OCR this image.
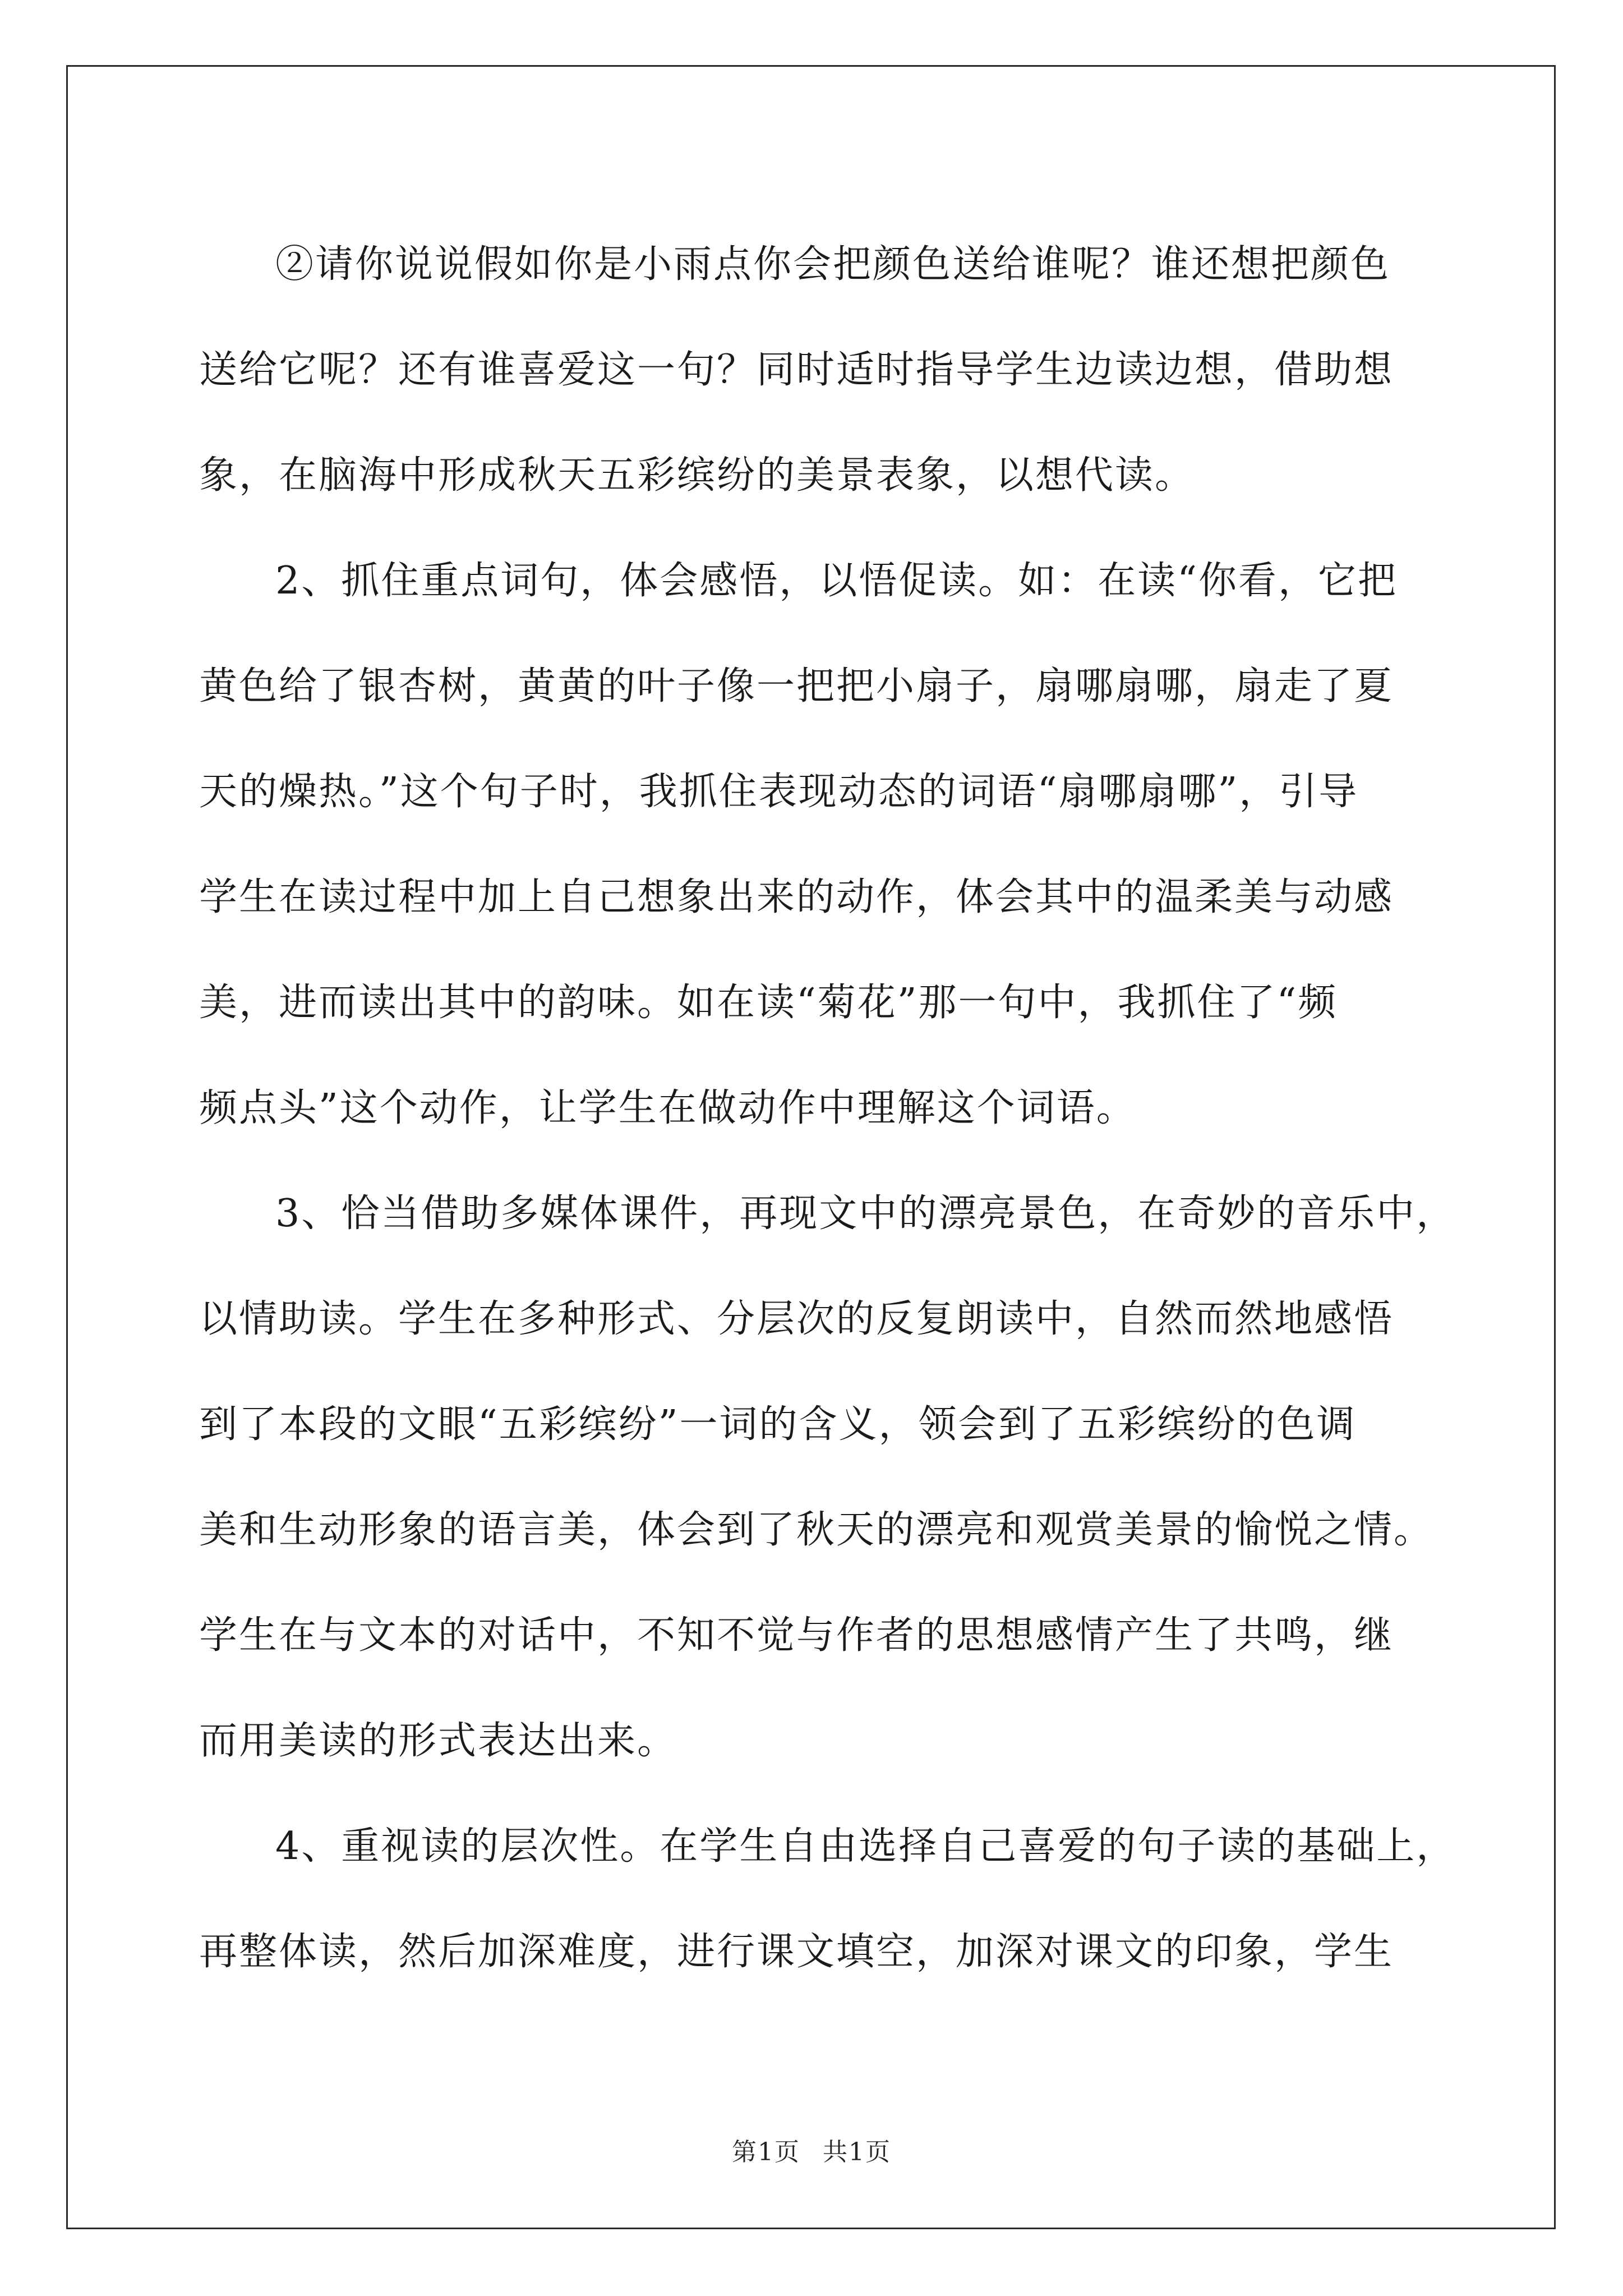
②请你说说假如你是小雨点你会把颜色送给谁呢？谁还想把颜色
送给它呢？还有谁喜爱这一句？同时适时指导学生边读边想，借助想
象，在脑海中形成秋天五彩缤纷的美景表象，以想代读。

2、抓住重点词句，体会感悟，以悟促读。如：在读“你看，它把
黄色给了银杏树，黄黄的叶子像一把把小扇子，扇哪扇哪，扇走了夏
天的燥热。”这个句子时，我抓住表现动态的词语“扇哪扇哪”，引导
学生在读过程中加上自己想象出来的动作，体会其中的温柔美与动感
美，进而读出其中的韵味。如在读“菊花”那一句中，我抓住了“频
频点头”这个动作，让学生在做动作中理解这个词语。

3、恰当借助多媒体课件，再现文中的漂亮景色，在奇妙的音乐中，
以情助读。学生在多种形式、分层次的反复朗读中，自然而然地感悟
到了本段的文眼“五彩缤纷”一词的含义，领会到了五彩缤纷的色调
美和生动形象的语言美，体会到了秋天的漂亮和观赏美景的愉悦之情。
学生在与文本的对话中，不知不觉与作者的思想感情产生了共鸣，继
而用美读的形式表达出来。

4、重视读的层次性。在学生自由选择自己喜爱的句子读的基础上，
再整体读，然后加深难度，进行课文填空，加深对课文的印象，学生

第1页 共1页
